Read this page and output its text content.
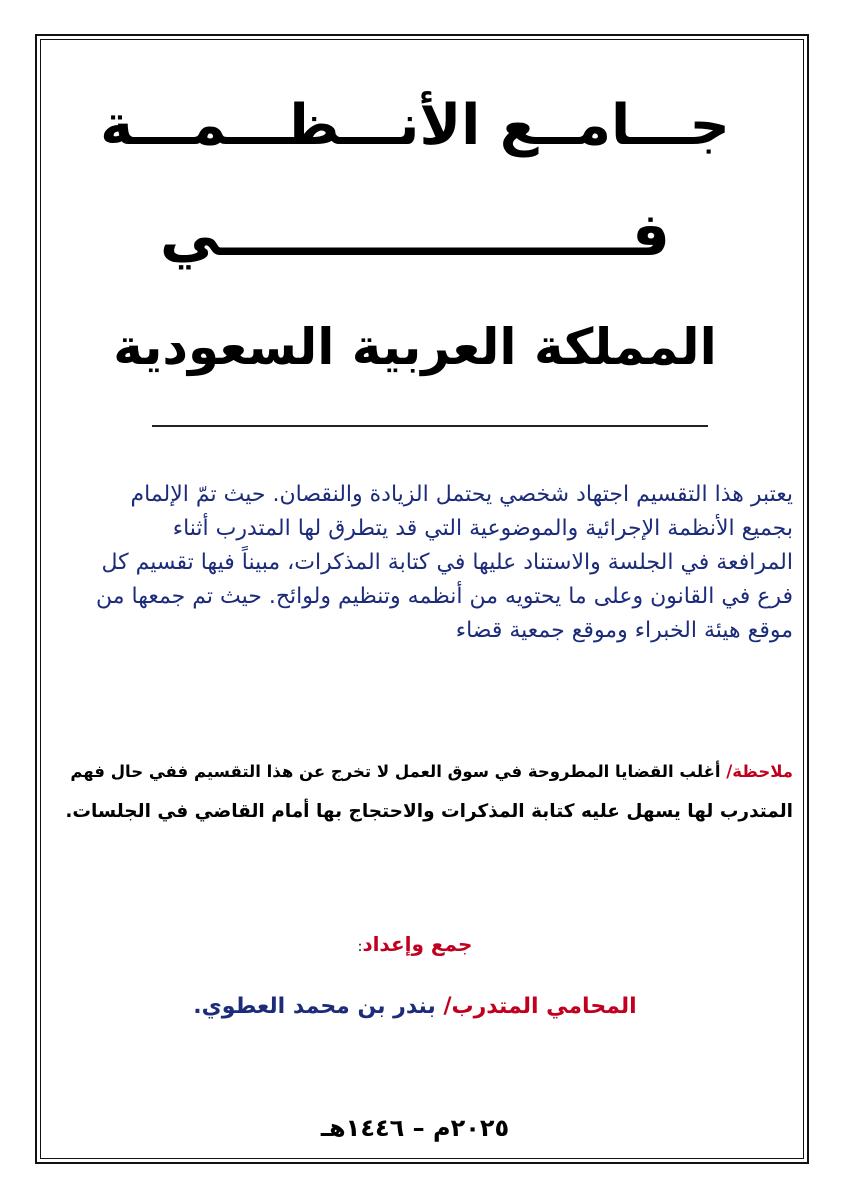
جـــامــع الأنـــظـــمـــة
فــــــــــــــــــــي
المملكة العربية السعودية
يعتبر هذا التقسيم اجتهاد شخصي يحتمل الزيادة والنقصان. حيث تمّ الإلمام
بجميع الأنظمة الإجرائية والموضوعية التي قد يتطرق لها المتدرب أثناء
المرافعة في الجلسة والاستناد عليها في كتابة المذكرات، مبيناً فيها تقسيم كل
فرع في القانون وعلى ما يحتويه من أنظمه وتنظيم ولوائح. حيث تم جمعها من
موقع هيئة الخبراء وموقع جمعية قضاء
ملاحظة/ أغلب القضايا المطروحة في سوق العمل لا تخرج عن هذا التقسيم ففي حال فهم
المتدرب لها يسهل عليه كتابة المذكرات والاحتجاج بها أمام القاضي في الجلسات.
جمع وإعداد:
المحامي المتدرب/ بندر بن محمد العطوي.
٢٠٢٥م – ١٤٤٦هـ
